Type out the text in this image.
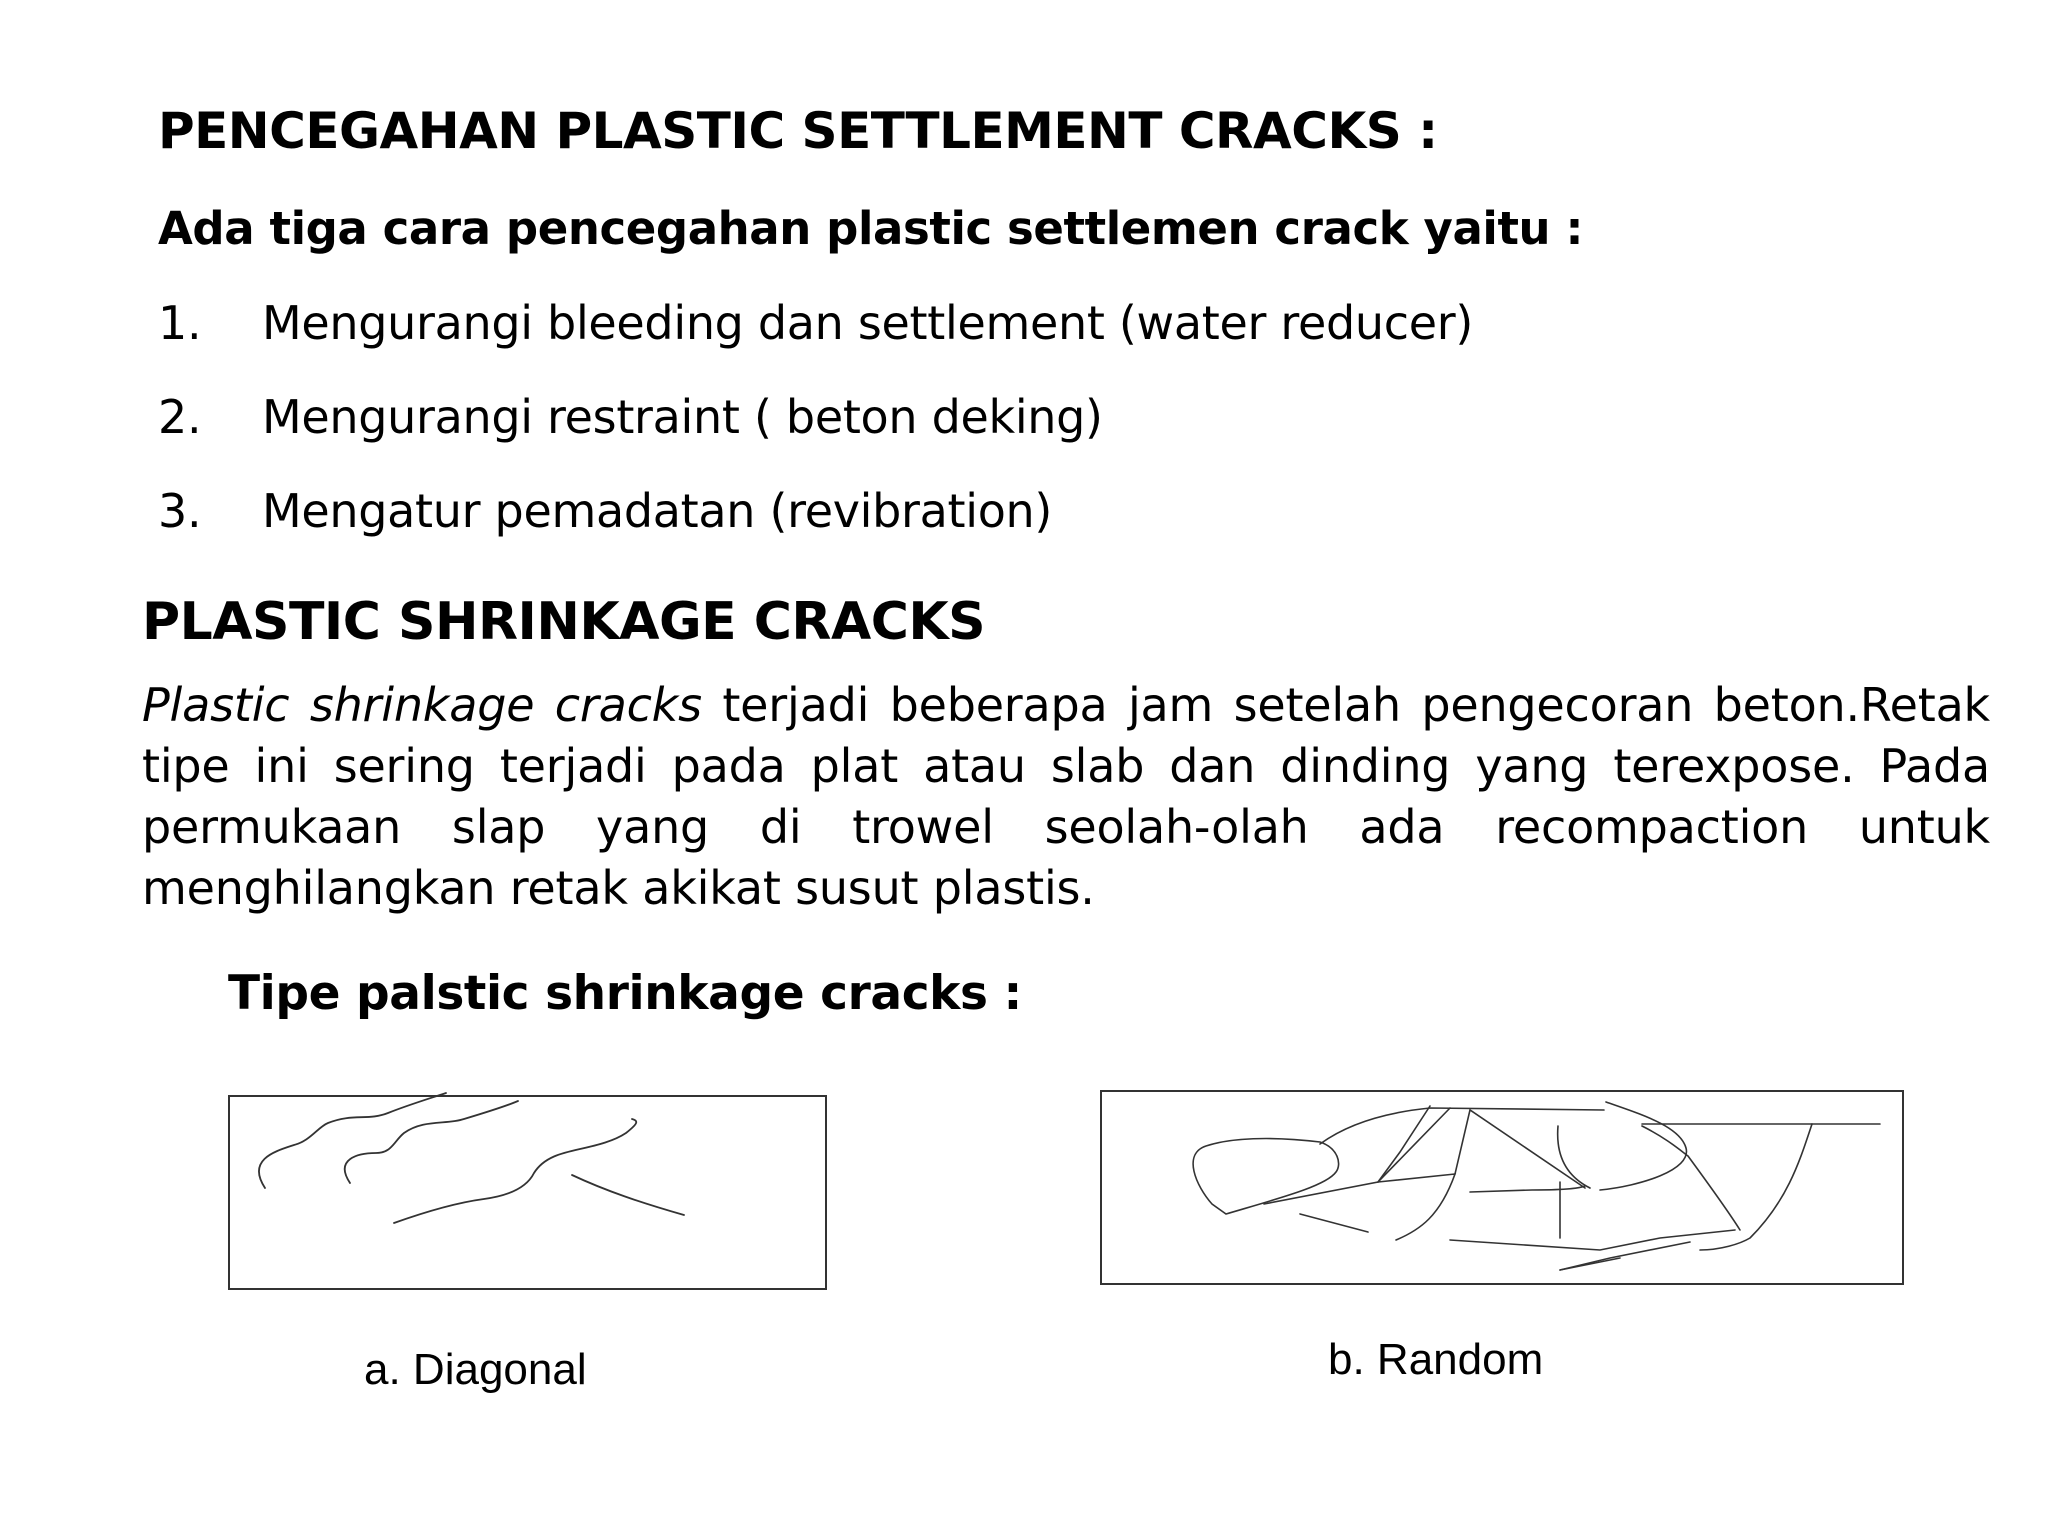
PENCEGAHAN PLASTIC SETTLEMENT CRACKS :
Ada tiga cara pencegahan plastic settlemen crack yaitu :
1. Mengurangi bleeding dan settlement (water reducer)
2. Mengurangi restraint ( beton deking)
3. Mengatur pemadatan (revibration)
PLASTIC SHRINKAGE CRACKS
Plastic shrinkage cracks terjadi beberapa jam setelah pengecoran beton.Retak tipe ini sering terjadi pada plat atau slab dan dinding yang terexpose. Pada permukaan slap yang di trowel seolah-olah ada recompaction untuk menghilangkan retak akikat susut plastis.
Tipe palstic shrinkage cracks :
a. Diagonal	b. Random
